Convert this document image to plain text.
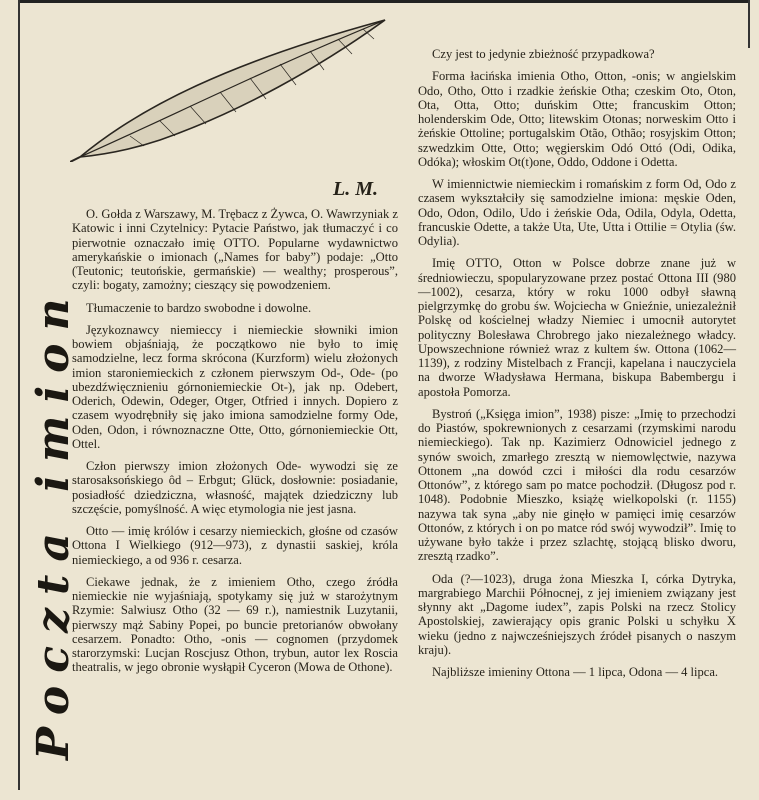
Poczta imion
L. M.

O. Gołda z Warszawy, M. Trębacz z Żywca, O. Wawrzyniak z Katowic i inni Czytelnicy: Pytacie Państwo, jak tłumaczyć i co pierwotnie oznaczało imię OTTO. Popularne wydawnictwo amerykańskie o imionach („Names for baby”) podaje: „Otto (Teutonic; teutońskie, germańskie) — wealthy; prosperous”, czyli: bogaty, zamożny; cieszący się powodzeniem.

Tłumaczenie to bardzo swobodne i dowolne.

Językoznawcy niemieccy i niemieckie słowniki imion bowiem objaśniają, że początkowo nie było to imię samodzielne, lecz forma skrócona (Kurzform) wielu złożonych imion staroniemieckich z członem pierwszym Od-, Ode- (po ubezdźwięcznieniu górnoniemieckie Ot-), jak np. Odebert, Oderich, Odewin, Odeger, Otger, Otfried i innych. Dopiero z czasem wyodrębniły się jako imiona samodzielne formy Ode, Oden, Odon, i równoznaczne Otte, Otto, górnoniemieckie Ott, Ottel.

Człon pierwszy imion złożonych Ode- wywodzi się ze starosaksońskiego ôd – Erbgut; Glück, dosłownie: posiadanie, posiadłość dziedziczna, własność, majątek dziedziczny lub szczęście, pomyślność. A więc etymologia nie jest jasna.

Otto — imię królów i cesarzy niemieckich, głośne od czasów Ottona I Wielkiego (912—973), z dynastii saskiej, króla niemieckiego, a od 936 r. cesarza.

Ciekawe jednak, że z imieniem Otho, czego źródła niemieckie nie wyjaśniają, spotykamy się już w starożytnym Rzymie: Salwiusz Otho (32 — 69 r.), namiestnik Luzytanii, pierwszy mąż Sabiny Popei, po buncie pretorianów obwołany cesarzem. Ponadto: Otho, -onis — cognomen (przydomek starorzymski: Lucjan Roscjusz Othon, trybun, autor lex Roscia theatralis, w jego obronie wysłąpił Cyceron (Mowa de Othone).

Czy jest to jedynie zbieżność przypadkowa?

Forma łacińska imienia Otho, Otton, -onis; w angielskim Odo, Otho, Otto i rzadkie żeńskie Otha; czeskim Oto, Oton, Ota, Otta, Otto; duńskim Otte; francuskim Otton; holenderskim Ode, Otto; litewskim Otonas; norweskim Otto i żeńskie Ottoline; portugalskim Otão, Othão; rosyjskim Otton; szwedzkim Otte, Otto; węgierskim Odó Ottó (Odi, Odika, Odóka); włoskim Ot(t)one, Oddo, Oddone i Odetta.

W imiennictwie niemieckim i romańskim z form Od, Odo z czasem wykształciły się samodzielne imiona: męskie Oden, Odo, Odon, Odilo, Udo i żeńskie Oda, Odila, Odyla, Odetta, francuskie Odette, a także Uta, Ute, Utta i Ottilie = Otylia (św. Odylia).

Imię OTTO, Otton w Polsce dobrze znane już w średniowieczu, spopularyzowane przez postać Ottona III (980—1002), cesarza, który w roku 1000 odbył sławną pielgrzymkę do grobu św. Wojciecha w Gnieźnie, uniezależnił Polskę od kościelnej władzy Niemiec i umocnił autorytet polityczny Bolesława Chrobrego jako niezależnego władcy. Upowszechnione również wraz z kultem św. Ottona (1062—1139), z rodziny Mistelbach z Francji, kapelana i nauczyciela na dworze Władysława Hermana, biskupa Babembergu i apostoła Pomorza.

Bystroń („Księga imion”, 1938) pisze: „Imię to przechodzi do Piastów, spokrewnionych z cesarzami (rzymskimi narodu niemieckiego). Tak np. Kazimierz Odnowiciel jednego z synów swoich, zmarłego zresztą w niemowlęctwie, nazywa Ottonem „na dowód czci i miłości dla rodu cesarzów Ottonów”, z którego sam po matce pochodził. (Długosz pod r. 1048). Podobnie Mieszko, książę wielkopolski (r. 1155) nazywa tak syna „aby nie ginęło w pamięci imię cesarzów Ottonów, z których i on po matce ród swój wywodził”. Imię to używane było także i przez szlachtę, stojącą blisko dworu, zresztą rzadko”.

Oda (?—1023), druga żona Mieszka I, córka Dytryka, margrabiego Marchii Północnej, z jej imieniem związany jest słynny akt „Dagome iudex”, zapis Polski na rzecz Stolicy Apostolskiej, zawierający opis granic Polski u schyłku X wieku (jedno z najwcześniejszych źródeł pisanych o naszym kraju).

Najbliższe imieniny Ottona — 1 lipca, Odona — 4 lipca.
